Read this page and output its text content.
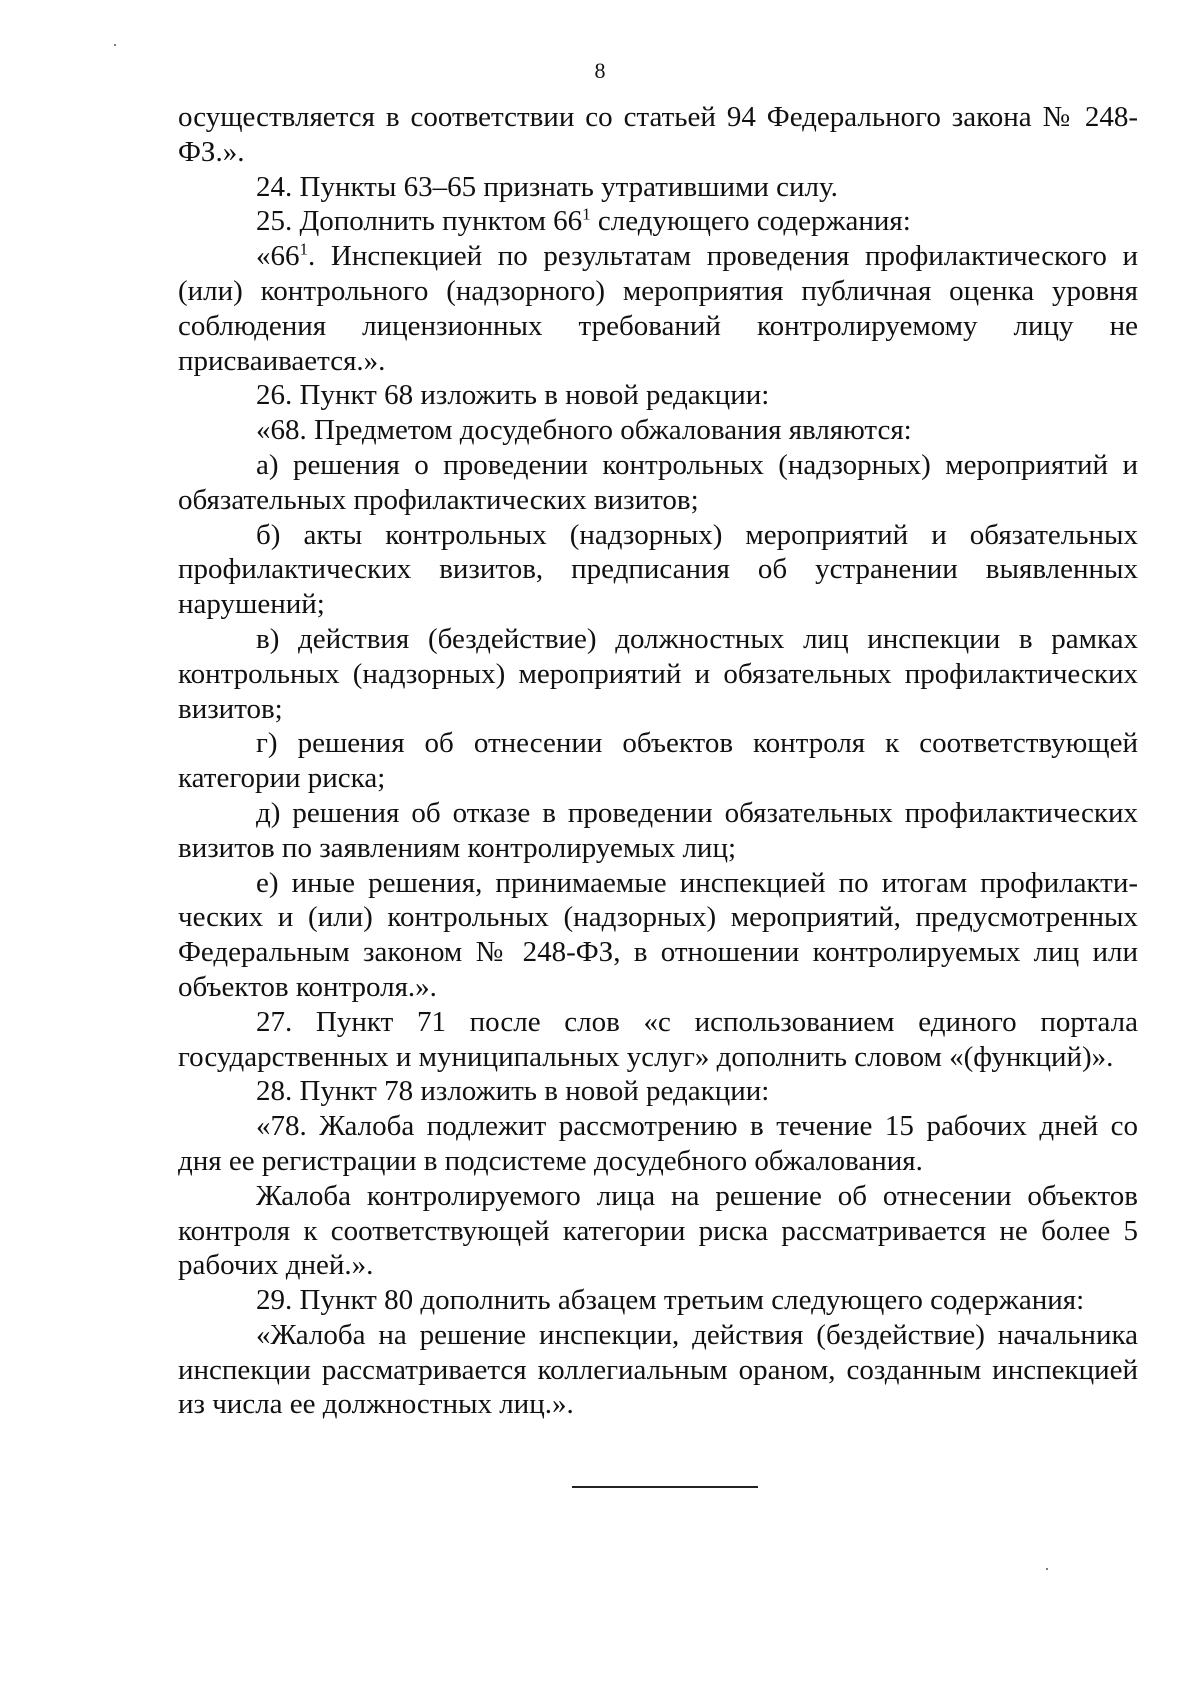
8

осуществляется в соответствии со статьей 94 Федерального закона № 248-ФЗ.».

24. Пункты 63–65 признать утратившими силу.

25. Дополнить пунктом $66^1$ следующего содержания:

«$66^1$. Инспекцией по результатам проведения профилактического и (или) контрольного (надзорного) мероприятия публичная оценка уровня соблюдения лицензионных требований контролируемому лицу не присваивается.».

26. Пункт 68 изложить в новой редакции:

«68. Предметом досудебного обжалования являются:

а) решения о проведении контрольных (надзорных) мероприятий и обязательных профилактических визитов;

б) акты контрольных (надзорных) мероприятий и обязательных профилактических визитов, предписания об устранении выявленных нарушений;

в) действия (бездействие) должностных лиц инспекции в рамках контрольных (надзорных) мероприятий и обязательных профилактических визитов;

г) решения об отнесении объектов контроля к соответствующей категории риска;

д) решения об отказе в проведении обязательных профилактических визитов по заявлениям контролируемых лиц;

е) иные решения, принимаемые инспекцией по итогам профилакти-ческих и (или) контрольных (надзорных) мероприятий, предусмотренных Федеральным законом № 248-ФЗ, в отношении контролируемых лиц или объектов контроля.».

27. Пункт 71 после слов «с использованием единого портала государственных и муниципальных услуг» дополнить словом «(функций)».

28. Пункт 78 изложить в новой редакции:

«78. Жалоба подлежит рассмотрению в течение 15 рабочих дней со дня ее регистрации в подсистеме досудебного обжалования.

Жалоба контролируемого лица на решение об отнесении объектов контроля к соответствующей категории риска рассматривается не более 5 рабочих дней.».

29. Пункт 80 дополнить абзацем третьим следующего содержания:

«Жалоба на решение инспекции, действия (бездействие) начальника инспекции рассматривается коллегиальным ораном, созданным инспекцией из числа ее должностных лиц.».
